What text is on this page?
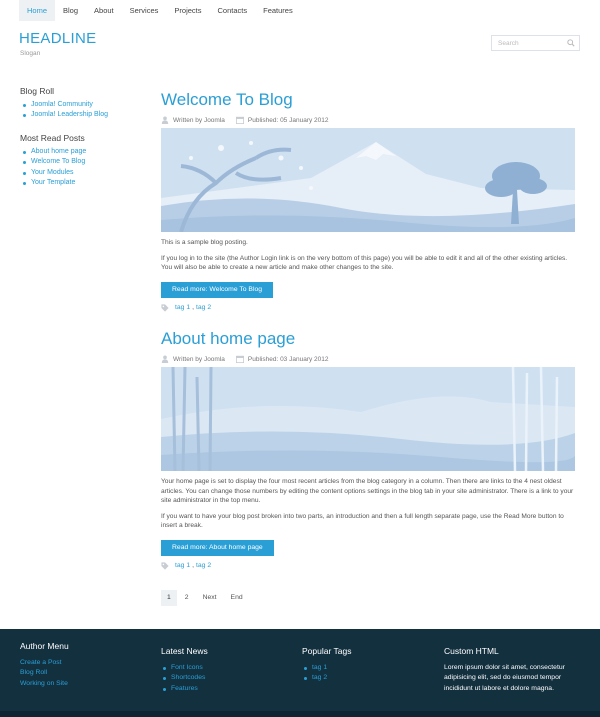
Home	Blog	About	Services	Projects	Contacts	Features
HEADLINE
Slogan
Search
Blog Roll
Joomla! Community
Joomla! Leadership Blog
Most Read Posts
About home page
Welcome To Blog
Your Modules
Your Template
Welcome To Blog
Written by Joomla	Published: 05 January 2012

This is a sample blog posting.

If you log in to the site (the Author Login link is on the very bottom of this page) you will be able to edit it and all of the other existing articles. You will also be able to create a new article and make other changes to the site.

Read more: Welcome To Blog
tag 1 , tag 2
About home page
Written by Joomla	Published: 03 January 2012

Your home page is set to display the four most recent articles from the blog category in a column. Then there are links to the 4 nest oldest articles. You can change those numbers by editing the content options settings in the blog tab in your site administrator. There is a link to your site administrator in the top menu.

If you want to have your blog post broken into two parts, an introduction and then a full length separate page, use the Read More button to insert a break.

Read more: About home page
tag 1 , tag 2
1	2	Next	End
Author Menu
Create a Post
Blog Roll
Working on Site
Latest News
Font Icons
Shortcodes
Features
Popular Tags
tag 1
tag 2
Custom HTML
Lorem ipsum dolor sit amet, consectetur adipisicing elit, sed do eiusmod tempor incididunt ut labore et dolore magna.
